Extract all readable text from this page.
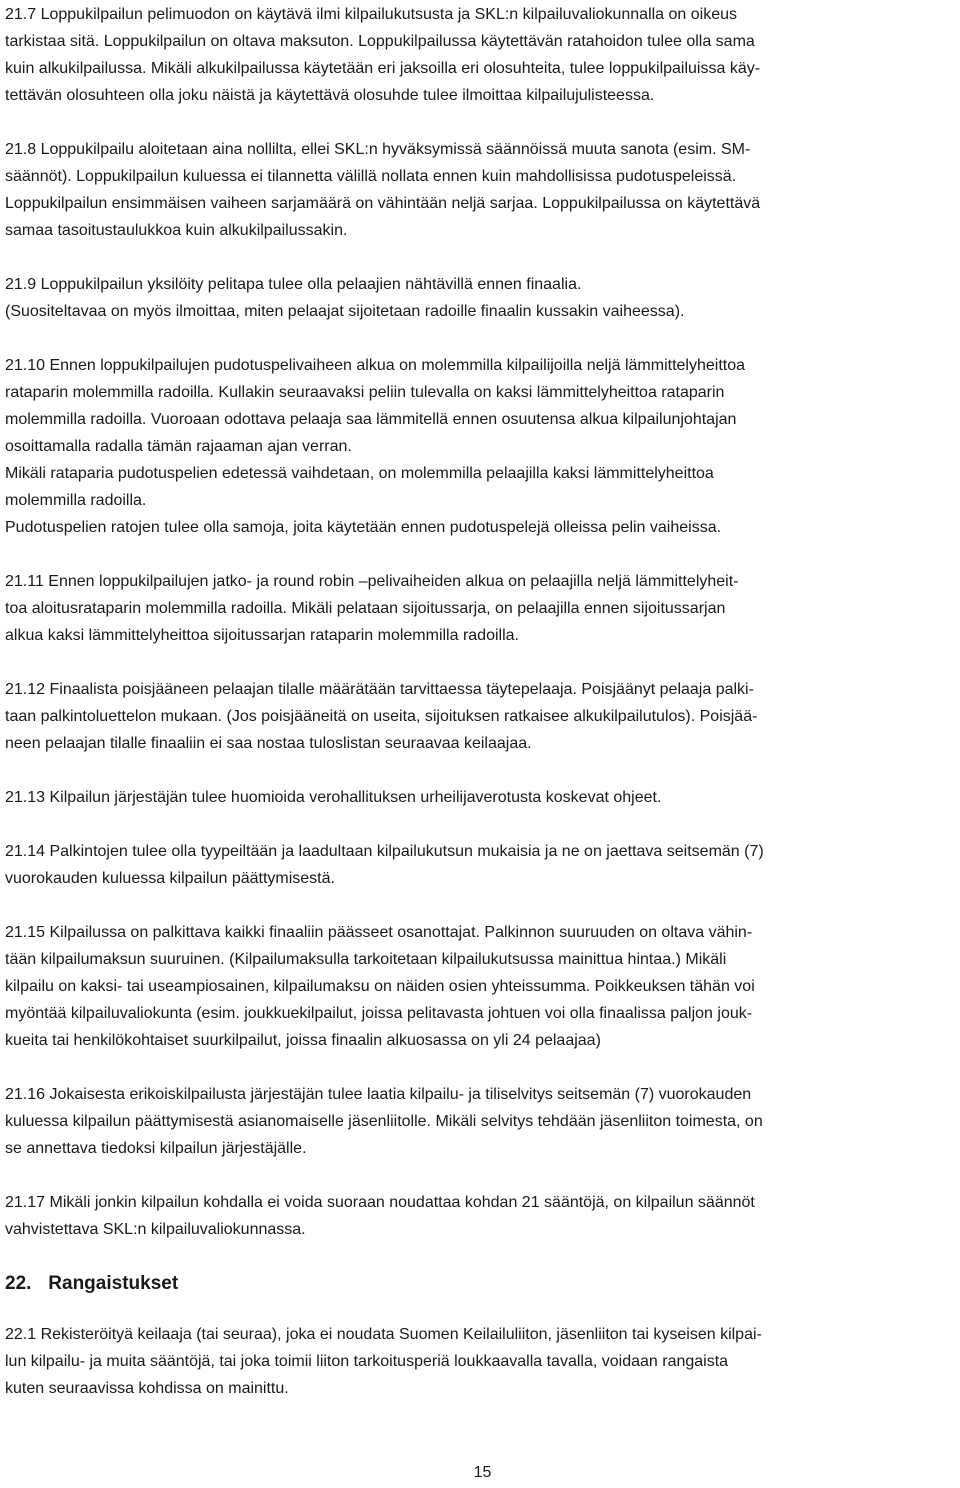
21.7 Loppukilpailun pelimuodon on käytävä ilmi kilpailukutsusta ja SKL:n kilpailuvaliokunnalla on oikeus
tarkistaa sitä. Loppukilpailun on oltava maksuton. Loppukilpailussa käytettävän ratahoidon tulee olla sama
kuin alkukilpailussa. Mikäli alkukilpailussa käytetään eri jaksoilla eri olosuhteita, tulee loppukilpailuissa käy-
tettävän olosuhteen olla joku näistä ja käytettävä olosuhde tulee ilmoittaa kilpailujulisteessa.
21.8 Loppukilpailu aloitetaan aina nollilta, ellei SKL:n hyväksymissä säännöissä muuta sanota (esim. SM-
säännöt). Loppukilpailun kuluessa ei tilannetta välillä nollata ennen kuin mahdollisissa pudotuspeleissä.
Loppukilpailun ensimmäisen vaiheen sarjamäärä on vähintään neljä sarjaa. Loppukilpailussa on käytettävä
samaa tasoitustaulukkoa kuin alkukilpailussakin.
21.9 Loppukilpailun yksilöity pelitapa tulee olla pelaajien nähtävillä ennen finaalia.
(Suositeltavaa on myös ilmoittaa, miten pelaajat sijoitetaan radoille finaalin kussakin vaiheessa).
21.10 Ennen loppukilpailujen pudotuspelivaiheen alkua on molemmilla kilpailijoilla neljä lämmittelyheittoa
rataparin molemmilla radoilla. Kullakin seuraavaksi peliin tulevalla on kaksi lämmittelyheittoa rataparin
molemmilla radoilla. Vuoroaan odottava pelaaja saa lämmitellä ennen osuutensa alkua kilpailunjohtajan
osoittamalla radalla tämän rajaaman ajan verran.
Mikäli rataparia pudotuspelien edetessä vaihdetaan, on molemmilla pelaajilla kaksi lämmittelyheittoa
molemmilla radoilla.
Pudotuspelien ratojen tulee olla samoja, joita käytetään ennen pudotuspelejä olleissa pelin vaiheissa.
21.11 Ennen loppukilpailujen jatko- ja round robin –pelivaiheiden alkua on pelaajilla neljä lämmittelyheit-
toa aloitusrataparin molemmilla radoilla. Mikäli pelataan sijoitussarja, on pelaajilla ennen sijoitussarjan
alkua kaksi lämmittelyheittoa sijoitussarjan rataparin molemmilla radoilla.
21.12 Finaalista poisjääneen pelaajan tilalle määrätään tarvittaessa täytepelaaja. Poisjäänyt pelaaja palki-
taan palkintoluettelon mukaan. (Jos poisjääneitä on useita, sijoituksen ratkaisee alkukilpailutulos). Poisjää-
neen pelaajan tilalle finaaliin ei saa nostaa tuloslistan seuraavaa keilaajaa.
21.13 Kilpailun järjestäjän tulee huomioida verohallituksen urheilijaverotusta koskevat ohjeet.
21.14 Palkintojen tulee olla tyypeiltään ja laadultaan kilpailukutsun mukaisia ja ne on jaettava seitsemän (7)
vuorokauden kuluessa kilpailun päättymisestä.
21.15 Kilpailussa on palkittava kaikki finaaliin päässeet osanottajat. Palkinnon suuruuden on oltava vähin-
tään kilpailumaksun suuruinen. (Kilpailumaksulla tarkoitetaan kilpailukutsussa mainittua hintaa.) Mikäli
kilpailu on kaksi- tai useampiosainen, kilpailumaksu on näiden osien yhteissumma. Poikkeuksen tähän voi
myöntää kilpailuvaliokunta (esim. joukkuekilpailut, joissa pelitavasta johtuen voi olla finaalissa paljon jouk-
kueita tai henkilökohtaiset suurkilpailut, joissa finaalin alkuosassa on yli 24 pelaajaa)
21.16 Jokaisesta erikoiskilpailusta järjestäjän tulee laatia kilpailu- ja tiliselvitys seitsemän (7) vuorokauden
kuluessa kilpailun päättymisestä asianomaiselle jäsenliitolle. Mikäli selvitys tehdään jäsenliiton toimesta, on
se annettava tiedoksi kilpailun järjestäjälle.
21.17 Mikäli jonkin kilpailun kohdalla ei voida suoraan noudattaa kohdan 21 sääntöjä, on kilpailun säännöt
vahvistettava SKL:n kilpailuvaliokunnassa.
22. Rangaistukset
22.1 Rekisteröityä keilaaja (tai seuraa), joka ei noudata Suomen Keilailuliiton, jäsenliiton tai kyseisen kilpai-
lun kilpailu- ja muita sääntöjä, tai joka toimii liiton tarkoitusperiä loukkaavalla tavalla, voidaan rangaista
kuten seuraavissa kohdissa on mainittu.
15
